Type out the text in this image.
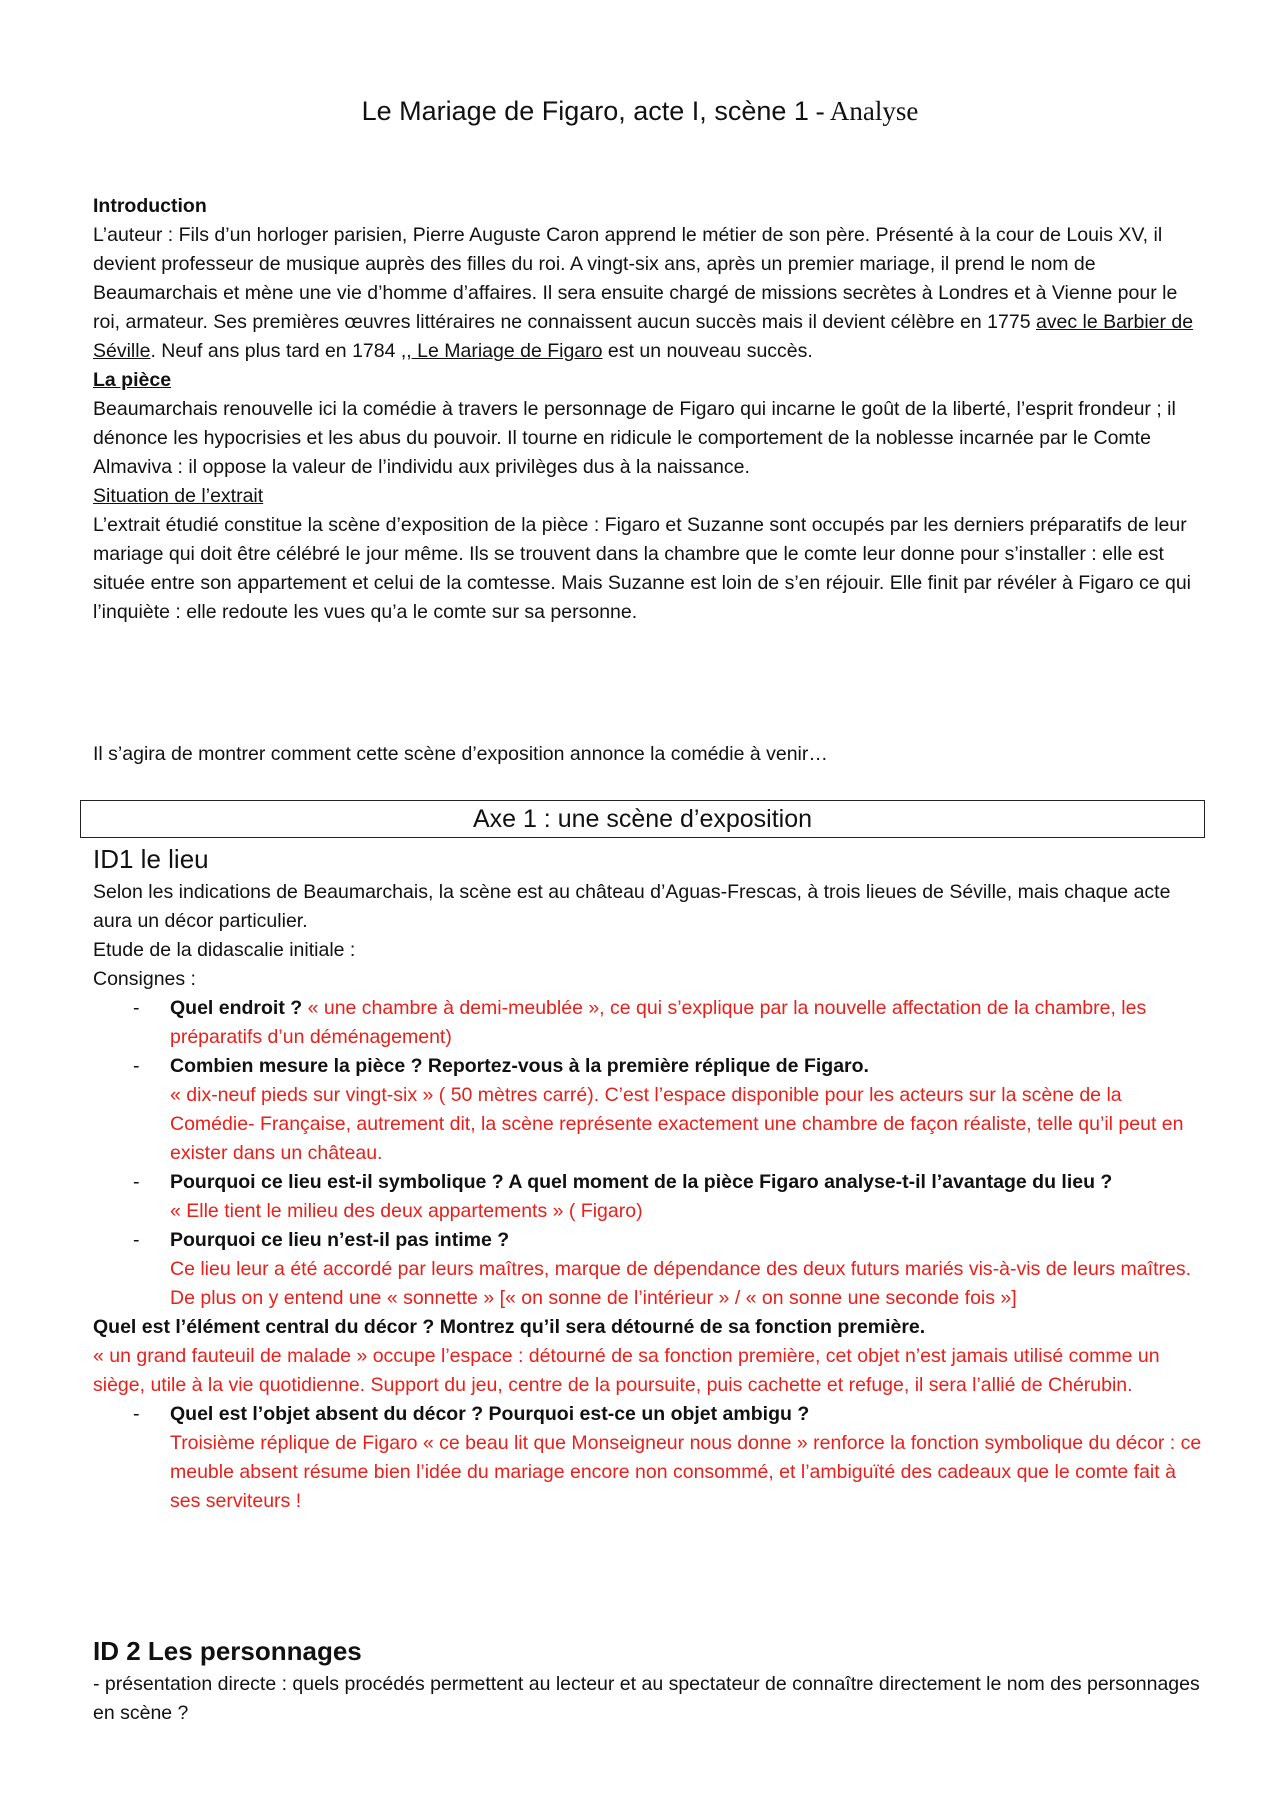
Le Mariage de Figaro, acte I, scène 1 - Analyse

Introduction

L’auteur : Fils d’un horloger parisien, Pierre Auguste Caron apprend le métier de son père. Présenté à la cour de Louis XV, il devient professeur de musique auprès des filles du roi. A vingt-six ans, après un premier mariage, il prend le nom de Beaumarchais et mène une vie d’homme d’affaires. Il sera ensuite chargé de missions secrètes à Londres et à Vienne pour le roi, armateur. Ses premières œuvres littéraires ne connaissent aucun succès mais il devient célèbre en 1775 avec le Barbier de Séville. Neuf ans plus tard en 1784 ,, Le Mariage de Figaro est un nouveau succès.

La pièce

Beaumarchais renouvelle ici la comédie à travers le personnage de Figaro qui incarne le goût de la liberté, l’esprit frondeur ; il dénonce les hypocrisies et les abus du pouvoir. Il tourne en ridicule le comportement de la noblesse incarnée par le Comte Almaviva : il oppose la valeur de l’individu aux privilèges dus à la naissance.

Situation de l’extrait

L’extrait étudié constitue la scène d’exposition de la pièce : Figaro et Suzanne sont occupés par les derniers préparatifs de leur mariage qui doit être célébré le jour même. Ils se trouvent dans la chambre que le comte leur donne pour s’installer : elle est située entre son appartement et celui de la comtesse. Mais Suzanne est loin de s’en réjouir. Elle finit par révéler à Figaro ce qui l’inquiète : elle redoute les vues qu’a le comte sur sa personne.

Il s’agira de montrer comment cette scène d’exposition annonce la comédie à venir…
Axe 1 : une scène d’exposition
ID1 le lieu

Selon les indications de Beaumarchais, la scène est au château d’Aguas-Frescas, à trois lieues de Séville, mais chaque acte aura un décor particulier.

Etude de la didascalie initiale :

Consignes :

- Quel endroit ? « une chambre à demi-meublée », ce qui s’explique par la nouvelle affectation de la chambre, les préparatifs d’un déménagement)
- Combien mesure la pièce ? Reportez-vous à la première réplique de Figaro.
« dix-neuf pieds sur vingt-six » ( 50 mètres carré). C’est l’espace disponible pour les acteurs sur la scène de la Comédie- Française, autrement dit, la scène représente exactement une chambre de façon réaliste, telle qu’il peut en exister dans un château.
- Pourquoi ce lieu est-il symbolique ? A quel moment de la pièce Figaro analyse-t-il l’avantage du lieu ?
« Elle tient le milieu des deux appartements » ( Figaro)
- Pourquoi ce lieu n’est-il pas intime ?
Ce lieu leur a été accordé par leurs maîtres, marque de dépendance des deux futurs mariés vis-à-vis de leurs maîtres. De plus on y entend une « sonnette » [« on sonne de l’intérieur » / « on sonne une seconde fois »]

Quel est l’élément central du décor ? Montrez qu’il sera détourné de sa fonction première.

« un grand fauteuil de malade » occupe l’espace : détourné de sa fonction première, cet objet n’est jamais utilisé comme un siège, utile à la vie quotidienne. Support du jeu, centre de la poursuite, puis cachette et refuge, il sera l’allié de Chérubin.

- Quel est l’objet absent du décor ? Pourquoi est-ce un objet ambigu ?
Troisième réplique de Figaro « ce beau lit que Monseigneur nous donne » renforce la fonction symbolique du décor : ce meuble absent résume bien l’idée du mariage encore non consommé, et l’ambiguïté des cadeaux que le comte fait à ses serviteurs !
ID 2 Les personnages
- présentation directe : quels procédés permettent au lecteur et au spectateur de connaître directement le nom des personnages en scène ?
